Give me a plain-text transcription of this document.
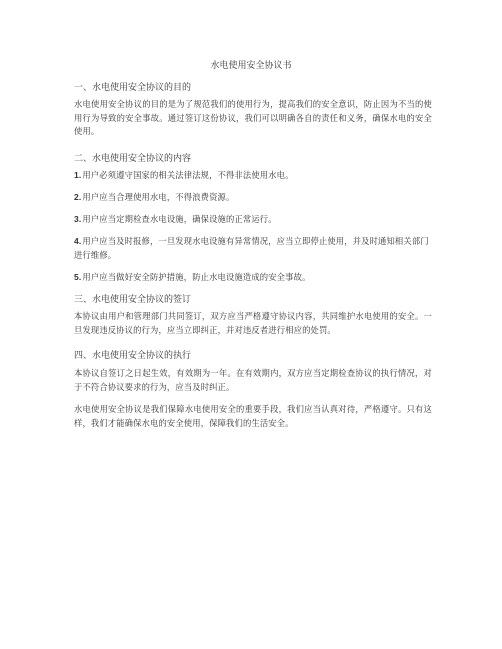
水电使用安全协议书
一、水电使用安全协议的目的
水电使用安全协议的目的是为了规范我们的使用行为，提高我们的安全意识，防止因为不当的使用行为导致的安全事故。通过签订这份协议，我们可以明确各自的责任和义务，确保水电的安全使用。
二、水电使用安全协议的内容
1.用户必须遵守国家的相关法律法规，不得非法使用水电。
2.用户应当合理使用水电，不得浪费资源。
3.用户应当定期检查水电设施，确保设施的正常运行。
4.用户应当及时报修，一旦发现水电设施有异常情况，应当立即停止使用，并及时通知相关部门进行维修。
5.用户应当做好安全防护措施，防止水电设施造成的安全事故。
三、水电使用安全协议的签订
本协议由用户和管理部门共同签订，双方应当严格遵守协议内容，共同维护水电使用的安全。一旦发现违反协议的行为，应当立即纠正，并对违反者进行相应的处罚。
四、水电使用安全协议的执行
本协议自签订之日起生效，有效期为一年。在有效期内，双方应当定期检查协议的执行情况，对于不符合协议要求的行为，应当及时纠正。
水电使用安全协议是我们保障水电使用安全的重要手段，我们应当认真对待，严格遵守。只有这样，我们才能确保水电的安全使用，保障我们的生活安全。
